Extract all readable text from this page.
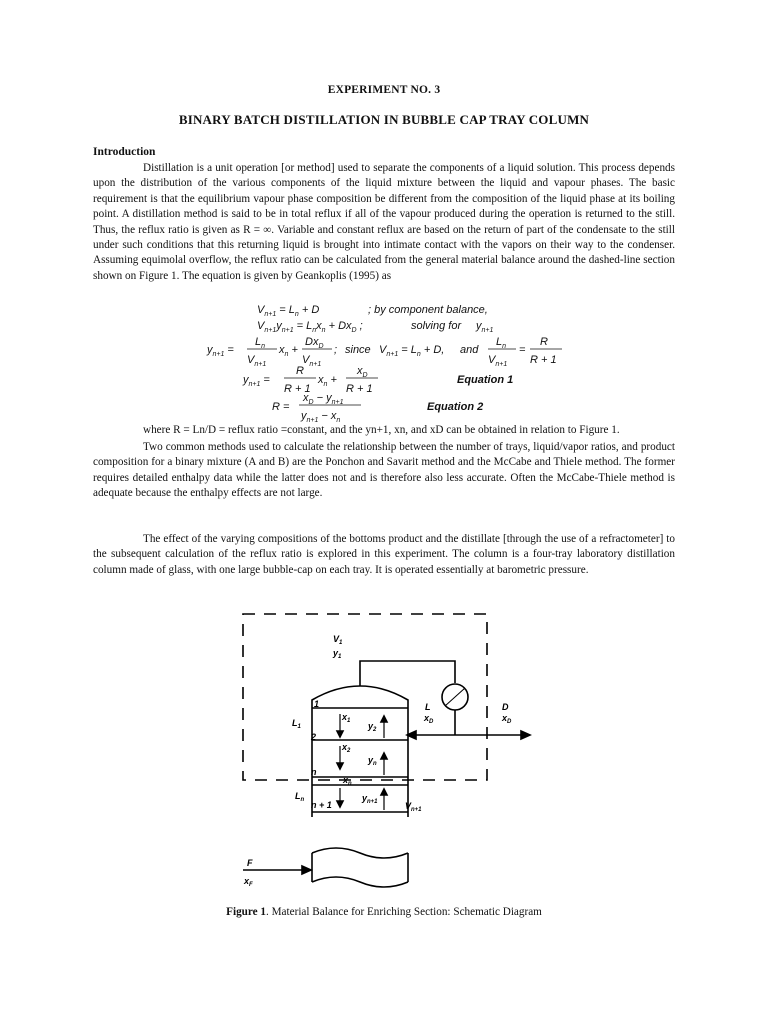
EXPERIMENT NO. 3
BINARY BATCH DISTILLATION IN BUBBLE CAP TRAY COLUMN
Introduction

Distillation is a unit operation [or method] used to separate the components of a liquid solution. This process depends upon the distribution of the various components of the liquid mixture between the liquid and vapour phases. The basic requirement is that the equilibrium vapour phase composition be different from the composition of the liquid phase at its boiling point. A distillation method is said to be in total reflux if all of the vapour produced during the operation is returned to the still. Thus, the reflux ratio is given as R = ∞. Variable and constant reflux are based on the return of part of the condensate to the still under such conditions that this returning liquid is brought into intimate contact with the vapors on their way to the condenser. Assuming equimolal overflow, the reflux ratio can be calculated from the general material balance around the dashed-line section shown on Figure 1. The equation is given by Geankoplis (1995) as

$V_{n+1} = L_n + D$	; by component balance,
$V_{n+1}y_{n+1} = L_nx_n + Dx_D$ ;	solving for $y_{n+1}$
$y_{n+1}$ =
$L_n$
$V_{n+1}$
$x_n$ +
$Dx_D$
$V_{n+1}$
; since $V_{n+1} = L_n + D$, and
$L_n$
$V_{n+1}$
=
R
R + 1
$y_{n+1}$ =
R
R + 1
$x_n$ +
$x_D$
R + 1
Equation 1
R =
$x_D - y_{n+1}$
$y_{n+1} - x_n$
Equation 2
where R = Ln/D = reflux ratio =constant, and the yn+1, xn, and xD can be obtained in relation to Figure 1.

Two common methods used to calculate the relationship between the number of trays, liquid/vapor ratios, and product composition for a binary mixture (A and B) are the Ponchon and Savarit method and the McCabe and Thiele method. The former requires detailed enthalpy data while the latter does not and is therefore also less accurate. Often the McCabe-Thiele method is adequate because the enthalpy effects are not large.

The effect of the varying compositions of the bottoms product and the distillate [through the use of a refractometer] to the subsequent calculation of the reflux ratio is explored in this experiment. The column is a four-tray laboratory distillation column made of glass, with one large bubble-cap on each tray. It is operated essentially at barometric pressure.

$V_1$
$y_1$
L
$x_D$
D
$x_D$
$L_1$
1
$x_1$ $y_2$
2
$x_2$
$y_n$
n
$x_n$
$L_n$ n + 1
$y_{n+1}$	$V_{n+1}$
F
$x_F$
Figure 1. Material Balance for Enriching Section: Schematic Diagram
